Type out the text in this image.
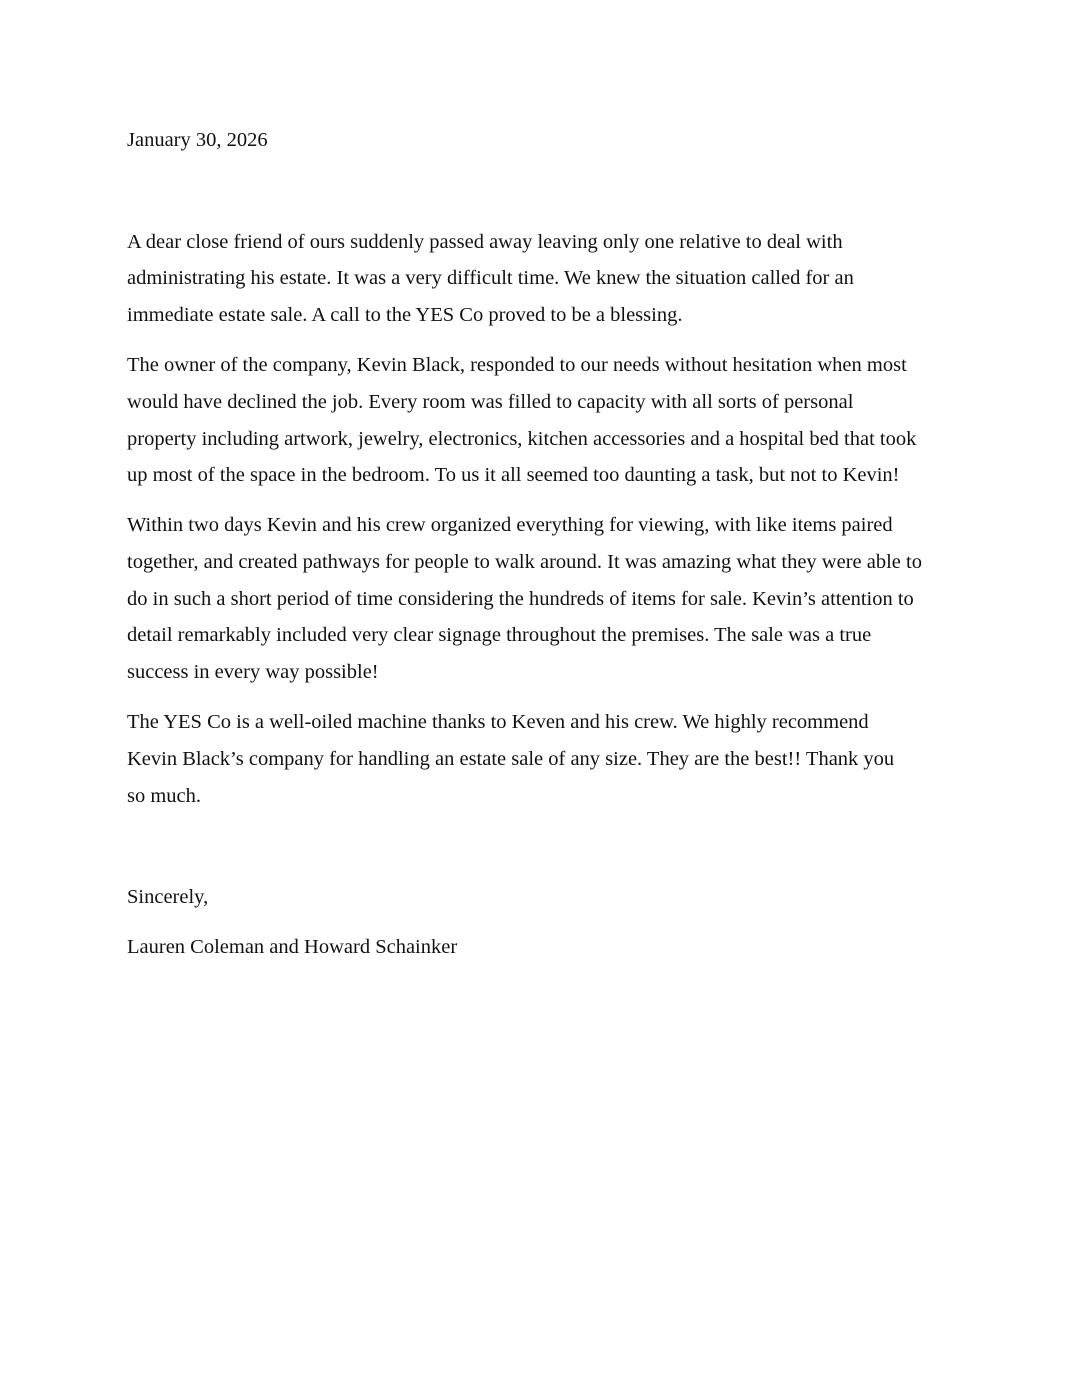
January 30, 2026
A dear close friend of ours suddenly passed away leaving only one relative to deal with
administrating his estate. It was a very difficult time. We knew the situation called for an
immediate estate sale. A call to the YES Co proved to be a blessing.
The owner of the company, Kevin Black, responded to our needs without hesitation when most
would have declined the job. Every room was filled to capacity with all sorts of personal
property including artwork, jewelry, electronics, kitchen accessories and a hospital bed that took
up most of the space in the bedroom. To us it all seemed too daunting a task, but not to Kevin!
Within two days Kevin and his crew organized everything for viewing, with like items paired
together, and created pathways for people to walk around. It was amazing what they were able to
do in such a short period of time considering the hundreds of items for sale. Kevin’s attention to
detail remarkably included very clear signage throughout the premises. The sale was a true
success in every way possible!
The YES Co is a well-oiled machine thanks to Keven and his crew. We highly recommend
Kevin Black’s company for handling an estate sale of any size. They are the best!! Thank you
so much.
Sincerely,
Lauren Coleman and Howard Schainker
